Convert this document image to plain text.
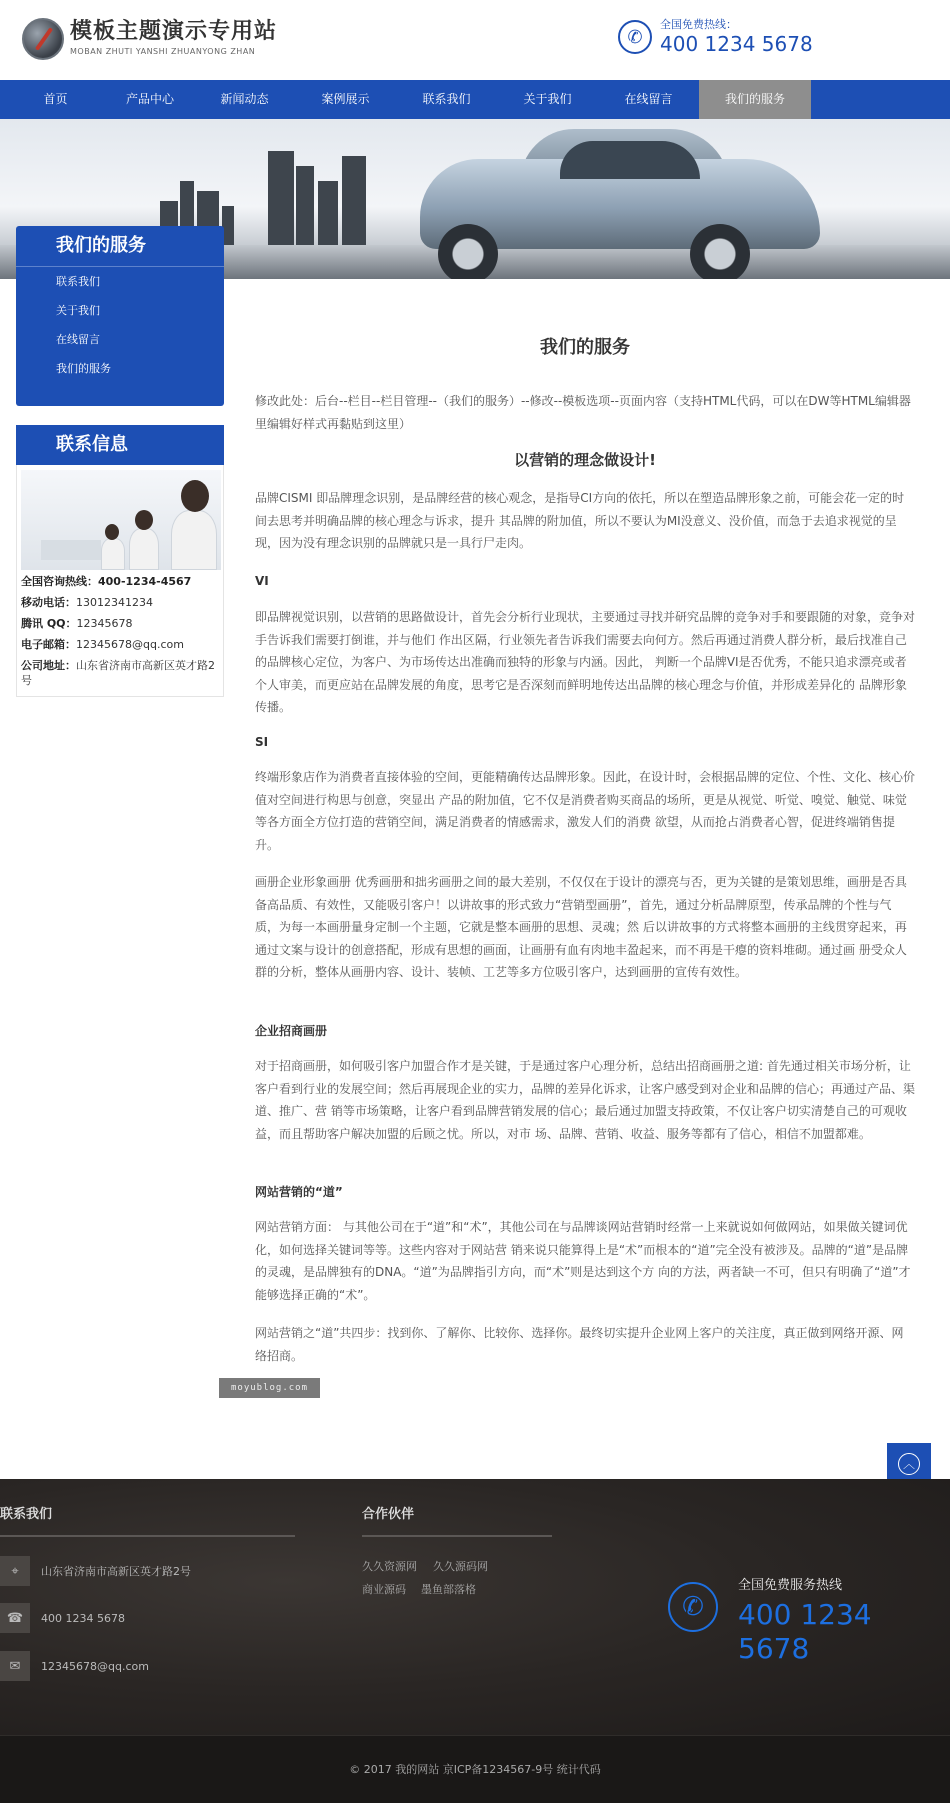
模板主题演示专用站
MOBAN ZHUTI YANSHI ZHUANYONG ZHAN
✆
全国免费热线：
400 1234 5678
首页	产品中心	新闻动态	案例展示	联系我们	关于我们	在线留言	我们的服务
我们的服务
联系我们
关于我们
在线留言
我们的服务
联系信息
全国咨询热线：400-1234-4567
移动电话：13012341234
腾讯 QQ：12345678
电子邮箱：12345678@qq.com
公司地址：山东省济南市高新区英才路2号
我们的服务
修改此处：后台--栏目--栏目管理--（我们的服务）--修改--模板选项--页面内容（支持HTML代码，可以在DW等HTML编辑器里编辑好样式再黏贴到这里）
以营销的理念做设计!
品牌CISMI 即品牌理念识别，是品牌经营的核心观念，是指导CI方向的依托，所以在塑造品牌形象之前，可能会花一定的时间去思考并明确品牌的核心理念与诉求，提升 其品牌的附加值，所以不要认为MI没意义、没价值，而急于去追求视觉的呈现，因为没有理念识别的品牌就只是一具行尸走肉。
VI
即品牌视觉识别，以营销的思路做设计，首先会分析行业现状，主要通过寻找并研究品牌的竞争对手和要跟随的对象，竞争对手告诉我们需要打倒谁，并与他们 作出区隔，行业领先者告诉我们需要去向何方。然后再通过消费人群分析，最后找准自己的品牌核心定位，为客户、为市场传达出准确而独特的形象与内涵。因此， 判断一个品牌VI是否优秀，不能只追求漂亮或者个人审美，而更应站在品牌发展的角度，思考它是否深刻而鲜明地传达出品牌的核心理念与价值，并形成差异化的 品牌形象传播。
SI
终端形象店作为消费者直接体验的空间，更能精确传达品牌形象。因此，在设计时，会根据品牌的定位、个性、文化、核心价值对空间进行构思与创意，突显出 产品的附加值，它不仅是消费者购买商品的场所，更是从视觉、听觉、嗅觉、触觉、味觉等各方面全方位打造的营销空间，满足消费者的情感需求，激发人们的消费 欲望，从而抢占消费者心智，促进终端销售提升。
画册企业形象画册 优秀画册和拙劣画册之间的最大差别，不仅仅在于设计的漂亮与否，更为关键的是策划思维，画册是否具备高品质、有效性，又能吸引客户！以讲故事的形式致力“营销型画册”，首先，通过分析品牌原型，传承品牌的个性与气质，为每一本画册量身定制一个主题，它就是整本画册的思想、灵魂；然 后以讲故事的方式将整本画册的主线贯穿起来，再通过文案与设计的创意搭配，形成有思想的画面，让画册有血有肉地丰盈起来，而不再是干瘪的资料堆砌。通过画 册受众人群的分析，整体从画册内容、设计、装帧、工艺等多方位吸引客户，达到画册的宣传有效性。
企业招商画册
对于招商画册，如何吸引客户加盟合作才是关键，于是通过客户心理分析，总结出招商画册之道: 首先通过相关市场分析，让客户看到行业的发展空间；然后再展现企业的实力，品牌的差异化诉求，让客户感受到对企业和品牌的信心；再通过产品、渠道、推广、营 销等市场策略，让客户看到品牌营销发展的信心；最后通过加盟支持政策，不仅让客户切实清楚自己的可观收益，而且帮助客户解决加盟的后顾之忧。所以，对市 场、品牌、营销、收益、服务等都有了信心，相信不加盟都难。
网站营销的“道”
网站营销方面： 与其他公司在于“道”和“术”，其他公司在与品牌谈网站营销时经常一上来就说如何做网站，如果做关键词优化，如何选择关键词等等。这些内容对于网站营 销来说只能算得上是“术”而根本的“道”完全没有被涉及。品牌的“道”是品牌的灵魂，是品牌独有的DNA。“道”为品牌指引方向，而“术”则是达到这个方 向的方法，两者缺一不可，但只有明确了“道”才能够选择正确的“术”。
网站营销之“道”共四步：找到你、了解你、比较你、选择你。最终切实提升企业网上客户的关注度，真正做到网络开源、网络招商。
moyublog.com
︿
联系我们
⌖	山东省济南市高新区英才路2号
☎	400 1234 5678
✉	12345678@qq.com
合作伙伴
久久资源网 久久源码网
商业源码 墨鱼部落格
✆
全国免费服务热线
400 1234 5678
© 2017 我的网站 京ICP备1234567-9号 统计代码
